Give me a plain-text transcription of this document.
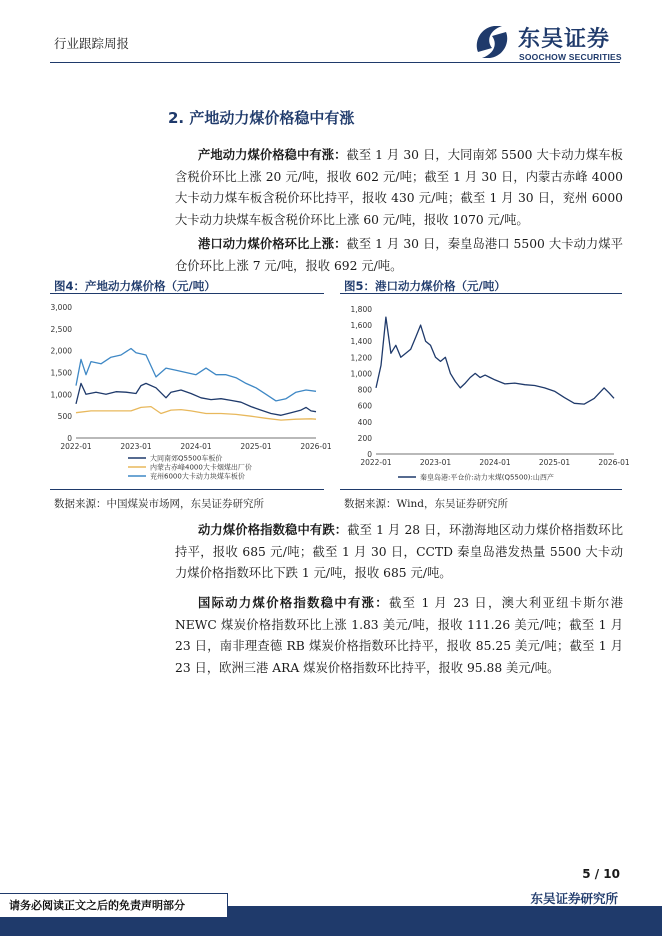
行业跟踪周报	东吴证券
SOOCHOW SECURITIES
2. 产地动力煤价格稳中有涨

产地动力煤价格稳中有涨：截至 1 月 30 日，大同南郊 5500 大卡动力煤车板含税价环比上涨 20 元/吨，报收 602 元/吨；截至 1 月 30 日，内蒙古赤峰 4000 大卡动力煤车板含税价环比持平，报收 430 元/吨；截至 1 月 30 日，兖州 6000 大卡动力块煤车板含税价环比上涨 60 元/吨，报收 1070 元/吨。

港口动力煤价格环比上涨：截至 1 月 30 日，秦皇岛港口 5500 大卡动力煤平仓价环比上涨 7 元/吨，报收 692 元/吨。

图4：产地动力煤价格（元/吨）
0
500
1,000
1,500
2,000
2,500
3,000
2022-01	2023-01	2024-01	2025-01	2026-01
大同南郊Q5500车板价
内蒙古赤峰4000大卡烟煤出厂价
兖州6000大卡动力块煤车板价
数据来源：中国煤炭市场网，东吴证券研究所
图5：港口动力煤价格（元/吨）
0
200
400
600
800
1,000
1,200
1,400
1,600
1,800
2022-01	2023-01	2024-01	2025-01	2026-01
秦皇岛港:平仓价:动力末煤(Q5500):山西产
数据来源：Wind，东吴证券研究所

动力煤价格指数稳中有跌：截至 1 月 28 日，环渤海地区动力煤价格指数环比持平，报收 685 元/吨；截至 1 月 30 日，CCTD 秦皇岛港发热量 5500 大卡动力煤价格指数环比下跌 1 元/吨，报收 685 元/吨。

国际动力煤价格指数稳中有涨：截至 1 月 23 日，澳大利亚纽卡斯尔港 NEWC 煤炭价格指数环比上涨 1.83 美元/吨，报收 111.26 美元/吨；截至 1 月 23 日，南非理查德 RB 煤炭价格指数环比持平，报收 85.25 美元/吨；截至 1 月 23 日，欧洲三港 ARA 煤炭价格指数环比持平，报收 95.88 美元/吨。

5 / 10
请务必阅读正文之后的免责声明部分	东吴证券研究所
